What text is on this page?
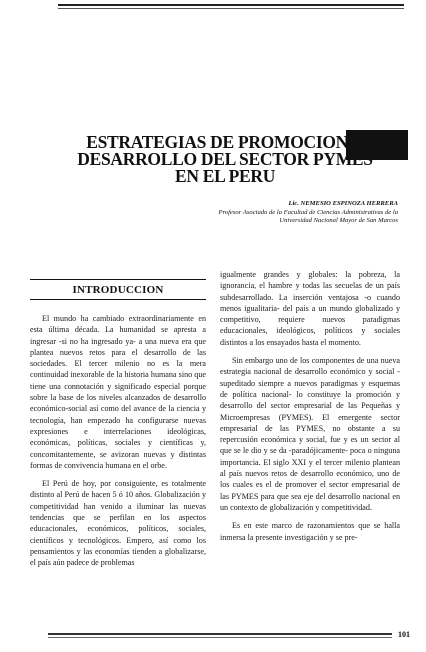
ESTRATEGIAS DE PROMOCION Y
DESARROLLO DEL SECTOR PYMES
EN EL PERU
Lic. NEMESIO ESPINOZA HERRERA
Profesor Asociado de la Facultad de Ciencias Administrativas de la
Universidad Nacional Mayor de San Marcos
INTRODUCCION

El mundo ha cambiado extraordinariamente en esta última década. La humanidad se apresta a ingresar -si no ha ingresado ya- a una nueva era que plantea nuevos retos para el desarrollo de las sociedades. El tercer milenio no es la mera continuidad inexorable de la historia humana sino que tiene una connotación y significado especial porque sobre la base de los niveles alcanzados de desarrollo económico-social así como del avance de la ciencia y tecnología, han empezado ha configurarse nuevas expresiones e interrelaciones ideológicas, económicas, políticas, sociales y científicas y, concomitantemente, se avizoran nuevas y distintas formas de convivencia humana en el orbe.

El Perú de hoy, por consiguiente, es totalmente distinto al Perú de hacen 5 ó 10 años. Globalización y competitividad han venido a iluminar las nuevas tendencias que se perfilan en los aspectos educacionales, económicos, políticos, sociales, científicos y tecnológicos. Empero, así como los pensamientos y las economías tienden a globalizarse, el país aún padece de problemas

igualmente grandes y globales: la pobreza, la ignorancia, el hambre y todas las secuelas de un país subdesarrollado. La inserción ventajosa -o cuando menos igualitaria- del país a un mundo globalizado y competitivo, requiere nuevos paradigmas educacionales, ideológicos, políticos y sociales distintos a los ensayados hasta el momento.

Sin embargo uno de los componentes de una nueva estrategia nacional de desarrollo económico y social -supeditado siempre a nuevos paradigmas y esquemas de política nacional- lo constituye la promoción y desarrollo del sector empresarial de las Pequeñas y Microempresas (PYMES). El emergente sector empresarial de las PYMES, no obstante a su repercusión económica y social, fue y es un sector al que se le dio y se da -paradójicamente- poca o ninguna importancia. El siglo XXI y el tercer milenio plantean al país nuevos retos de desarrollo económico, uno de los cuales es el de promover el sector empresarial de las PYMES para que sea eje del desarrollo nacional en un contexto de globalización y competitividad.

Es en este marco de razonamientos que se halla inmersa la presente investigación y se pre-

101
